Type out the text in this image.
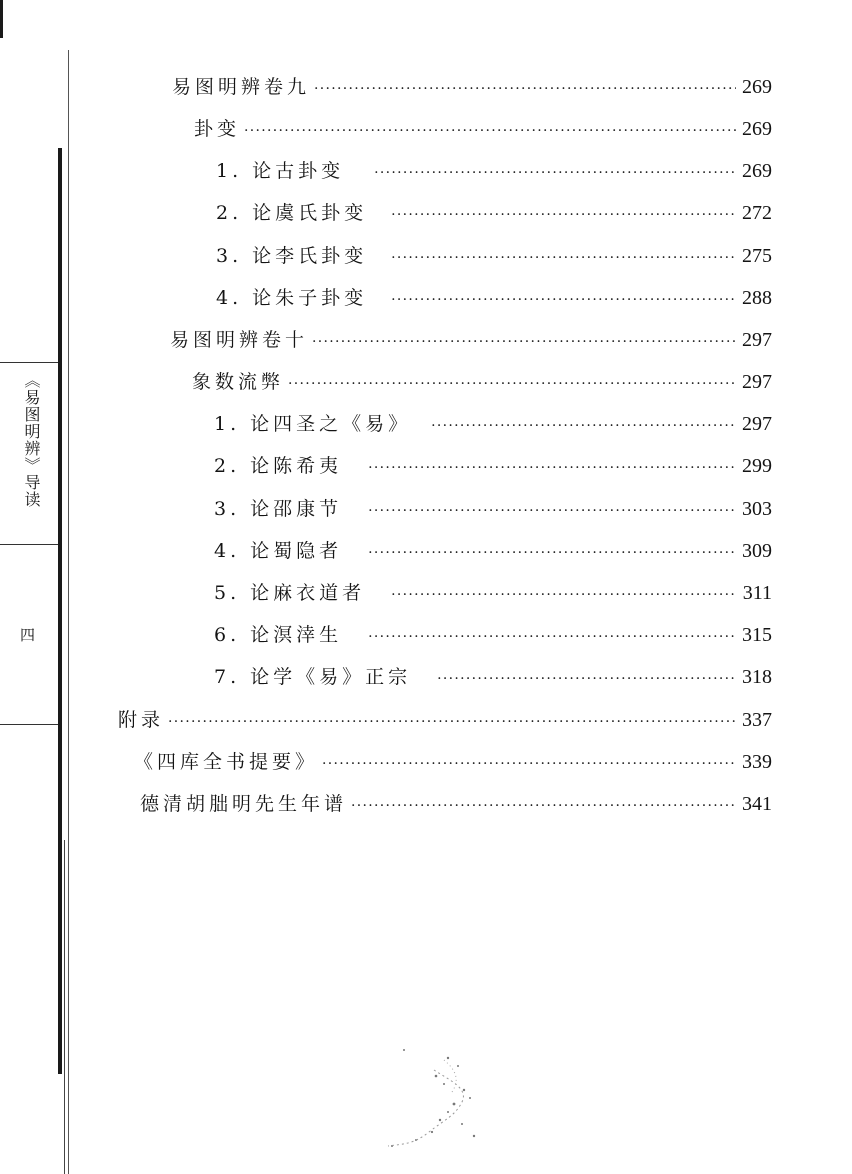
《易图明辨》导读
四
易图明辨卷九 ·····	269
卦变 ·····	269
1. 论古卦变 ·····	269
2. 论虞氏卦变 ·····	272
3. 论李氏卦变 ·····	275
4. 论朱子卦变 ·····	288
易图明辨卷十 ·····	297
象数流弊 ·····	297
1. 论四圣之《易》 ·····	297
2. 论陈希夷 ·····	299
3. 论邵康节 ·····	303
4. 论蜀隐者 ·····	309
5. 论麻衣道者 ·····	311
6. 论溟涬生 ·····	315
7. 论学《易》正宗 ·····	318
附录 ·····	337
《四库全书提要》 ·····	339
德清胡朏明先生年谱 ·····	341
